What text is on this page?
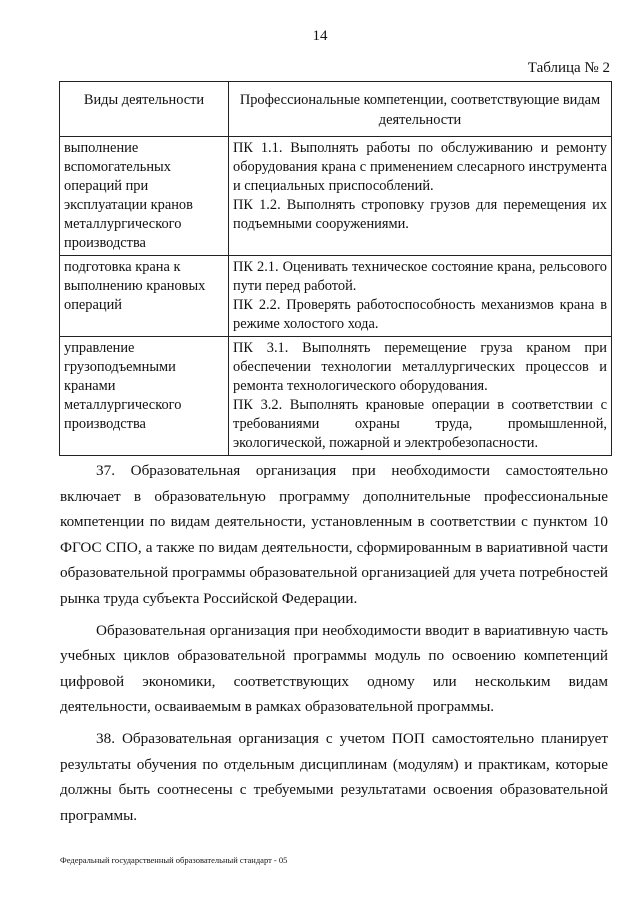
14
Таблица № 2
Виды деятельности	Профессиональные компетенции, соответствующие видам деятельности
выполнение вспомогательных операций при эксплуатации кранов металлургического производства	ПК 1.1. Выполнять работы по обслуживанию и ремонту оборудования крана с применением слесарного инструмента и специальных приспособлений.
ПК 1.2. Выполнять строповку грузов для перемещения их подъемными сооружениями.

подготовка крана к выполнению крановых операций	ПК 2.1. Оценивать техническое состояние крана, рельсового пути перед работой.
ПК 2.2. Проверять работоспособность механизмов крана в режиме холостого хода.

управление грузоподъемными кранами металлургического производства	ПК 3.1. Выполнять перемещение груза краном при обеспечении технологии металлургических процессов и ремонта технологического оборудования.
ПК 3.2. Выполнять крановые операции в соответствии с требованиями охраны труда, промышленной, экологической, пожарной и электробезопасности.

37. Образовательная организация при необходимости самостоятельно включает в образовательную программу дополнительные профессиональные компетенции по видам деятельности, установленным в соответствии с пунктом 10 ФГОС СПО, а также по видам деятельности, сформированным в вариативной части образовательной программы образовательной организацией для учета потребностей рынка труда субъекта Российской Федерации.

Образовательная организация при необходимости вводит в вариативную часть учебных циклов образовательной программы модуль по освоению компетенций цифровой экономики, соответствующих одному или нескольким видам деятельности, осваиваемым в рамках образовательной программы.

38. Образовательная организация с учетом ПОП самостоятельно планирует результаты обучения по отдельным дисциплинам (модулям) и практикам, которые должны быть соотнесены с требуемыми результатами освоения образовательной программы.

Федеральный государственный образовательный стандарт - 05
